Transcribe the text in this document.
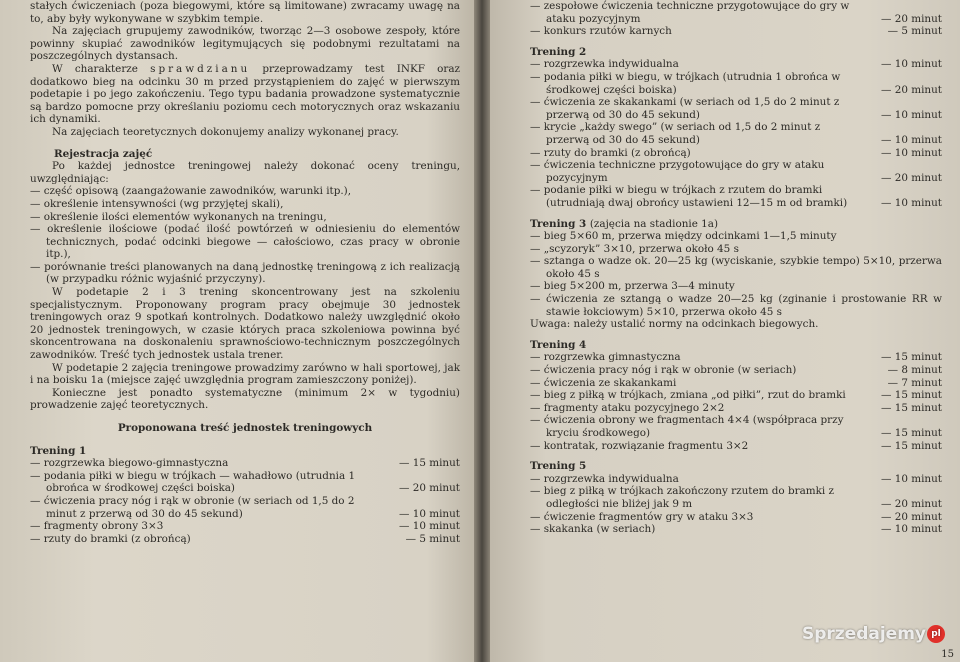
stałych ćwiczeniach (poza biegowymi, które są limitowane) zwracamy uwagę na to, aby były wykonywane w szybkim tempie.

Na zajęciach grupujemy zawodników, tworząc 2—3 osobowe zespoły, które powinny skupiać zawodników legitymujących się podobnymi rezultatami na poszczególnych dystansach.

W charakterze sprawdzianu przeprowadzamy test INKF oraz dodatkowo bieg na odcinku 30 m przed przystąpieniem do zajęć w pierwszym podetapie i po jego zakończeniu. Tego typu badania prowadzone systematycznie są bardzo pomocne przy określaniu poziomu cech motorycznych oraz wskazaniu ich dynamiki.

Na zajęciach teoretycznych dokonujemy analizy wykonanej pracy.

Rejestracja zajęć

Po każdej jednostce treningowej należy dokonać oceny treningu, uwzględniając:

— część opisową (zaangażowanie zawodników, warunki itp.),

— określenie intensywności (wg przyjętej skali),

— określenie ilości elementów wykonanych na treningu,

— określenie ilościowe (podać ilość powtórzeń w odniesieniu do elementów technicznych, podać odcinki biegowe — całościowo, czas pracy w obronie itp.),

— porównanie treści planowanych na daną jednostkę treningową z ich realizacją (w przypadku różnic wyjaśnić przyczyny).

W podetapie 2 i 3 trening skoncentrowany jest na szkoleniu specjalistycznym. Proponowany program pracy obejmuje 30 jednostek treningowych oraz 9 spotkań kontrolnych. Dodatkowo należy uwzględnić około 20 jednostek treningowych, w czasie których praca szkoleniowa powinna być skoncentrowana na doskonaleniu sprawnościowo-technicznym poszczególnych zawodników. Treść tych jednostek ustala trener.

W podetapie 2 zajęcia treningowe prowadzimy zarówno w hali sportowej, jak i na boisku 1a (miejsce zajęć uwzględnia program zamieszczony poniżej).

Konieczne jest ponadto systematyczne (minimum 2× w tygodniu) prowadzenie zajęć teoretycznych.

Proponowana treść jednostek treningowych
Trening 1
— rozgrzewka biegowo-gimnastyczna	— 15 minut
— podania piłki w biegu w trójkach — wahadłowo (utrudnia 1 obrońca w środkowej części boiska)	— 20 minut
— ćwiczenia pracy nóg i rąk w obronie (w seriach od 1,5 do 2 minut z przerwą od 30 do 45 sekund)	— 10 minut
— fragmenty obrony 3×3	— 10 minut
— rzuty do bramki (z obrońcą)	— 5 minut
— zespołowe ćwiczenia techniczne przygotowujące do gry w ataku pozycyjnym	— 20 minut
— konkurs rzutów karnych	— 5 minut
Trening 2
— rozgrzewka indywidualna	— 10 minut
— podania piłki w biegu, w trójkach (utrudnia 1 obrońca w środkowej części boiska)	— 20 minut
— ćwiczenia ze skakankami (w seriach od 1,5 do 2 minut z przerwą od 30 do 45 sekund)	— 10 minut
— krycie „każdy swego” (w seriach od 1,5 do 2 minut z przerwą od 30 do 45 sekund)	— 10 minut
— rzuty do bramki (z obrońcą)	— 10 minut
— ćwiczenia techniczne przygotowujące do gry w ataku pozycyjnym	— 20 minut
— podanie piłki w biegu w trójkach z rzutem do bramki (utrudniają dwaj obrońcy ustawieni 12—15 m od bramki)	— 10 minut
Trening 3 (zajęcia na stadionie 1a)

— bieg 5×60 m, przerwa między odcinkami 1—1,5 minuty

— „scyzoryk” 3×10, przerwa około 45 s

— sztanga o wadze ok. 20—25 kg (wyciskanie, szybkie tempo) 5×10, przerwa około 45 s

— bieg 5×200 m, przerwa 3—4 minuty

— ćwiczenia ze sztangą o wadze 20—25 kg (zginanie i prostowanie RR w stawie łokciowym) 5×10, przerwa około 45 s

Uwaga: należy ustalić normy na odcinkach biegowych.

Trening 4
— rozgrzewka gimnastyczna	— 15 minut
— ćwiczenia pracy nóg i rąk w obronie (w seriach)	— 8 minut
— ćwiczenia ze skakankami	— 7 minut
— bieg z piłką w trójkach, zmiana „od piłki”, rzut do bramki	— 15 minut
— fragmenty ataku pozycyjnego 2×2	— 15 minut
— ćwiczenia obrony we fragmentach 4×4 (współpraca przy kryciu środkowego)	— 15 minut
— kontratak, rozwiązanie fragmentu 3×2	— 15 minut
Trening 5
— rozgrzewka indywidualna	— 10 minut
— bieg z piłką w trójkach zakończony rzutem do bramki z odległości nie bliżej jak 9 m	— 20 minut
— ćwiczenie fragmentów gry w ataku 3×3	— 20 minut
— skakanka (w seriach)	— 10 minut
15
Sprzedajemy pl
